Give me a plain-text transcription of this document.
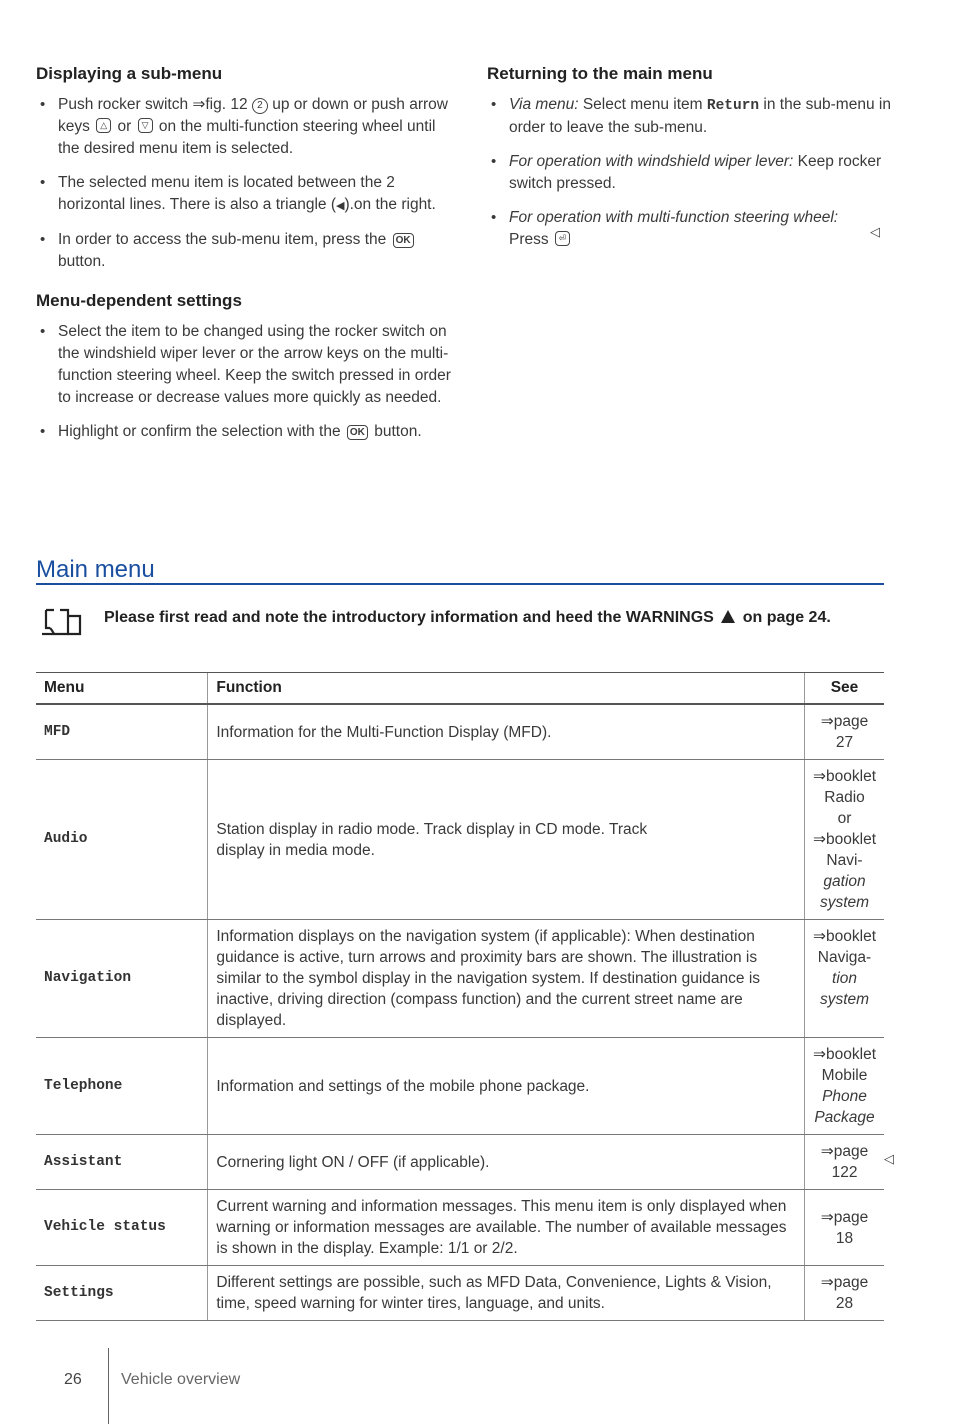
Displaying a sub-menu
• Push rocker switch ⇒fig. 12 2 up or down or push arrow keys	△ or	▽ on the multi-function steering wheel until the desired menu item is selected.
• The selected menu item is located between the 2 horizontal lines. There is also a triangle (◀).on the right.
• In order to access the sub-menu item, press the OK button.
Menu-dependent settings
• Select the item to be changed using the rocker switch on the windshield wiper lever or the arrow keys on the multi-function steering wheel. Keep the switch pressed in order to increase or decrease values more quickly as needed.
• Highlight or confirm the selection with the OK button.
Returning to the main menu
• Via menu: Select menu item Return in the sub-menu in order to leave the sub-menu.
• For operation with windshield wiper lever: Keep rocker switch pressed.
• For operation with multi-function steering wheel: Press	⏎	◁
Main menu
Please first read and note the introductory information and heed the WARNINGS on page 24.
Menu	Function	See
MFD	Information for the Multi-Function Display (MFD).	⇒page 27

Audio	Station display in radio mode. Track display in CD mode. Track display in media mode.	⇒booklet Radio
or ⇒booklet Navi-
gation system

Navigation	Information displays on the navigation system (if applicable): When destination guidance is active, turn arrows and proximity bars are shown. The illustration is similar to the symbol display in the navigation system. If destination guidance is inactive, driving direction (compass function) and the current street name are displayed.	⇒booklet Naviga-
tion system

Telephone	Information and settings of the mobile phone package.	⇒booklet Mobile
Phone Package

Assistant	Cornering light ON / OFF (if applicable).	⇒page 122

Vehicle status	Current warning and information messages. This menu item is only displayed when warning or information messages are available. The number of available messages is shown in the display. Example: 1/1 or 2/2.	⇒page 18

Settings	Different settings are possible, such as MFD Data, Convenience, Lights & Vision, time, speed warning for winter tires, language, and units.	⇒page 28
◁
26 Vehicle overview
